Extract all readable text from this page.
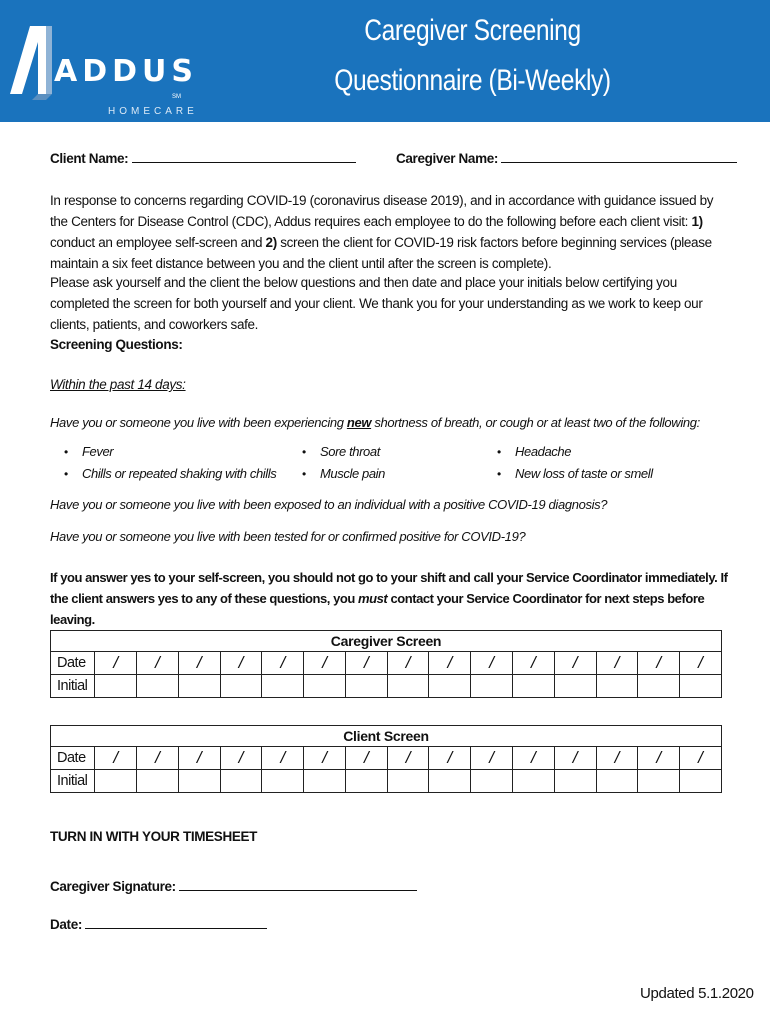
ADDUS
SM
HOMECARE
Caregiver Screening
Questionnaire (Bi-Weekly)
Client Name:	Caregiver Name:
In response to concerns regarding COVID-19 (coronavirus disease 2019), and in accordance with guidance issued by the Centers for Disease Control (CDC), Addus requires each employee to do the following before each client visit: 1) conduct an employee self-screen and 2) screen the client for COVID-19 risk factors before beginning services (please maintain a six feet distance between you and the client until after the screen is complete).
Please ask yourself and the client the below questions and then date and place your initials below certifying you completed the screen for both yourself and your client. We thank you for your understanding as we work to keep our clients, patients, and coworkers safe.
Screening Questions:
Within the past 14 days:
Have you or someone you live with been experiencing new shortness of breath, or cough or at least two of the following:
• Fever
• Chills or repeated shaking with chills
• Sore throat
• Muscle pain
• Headache
• New loss of taste or smell
Have you or someone you live with been exposed to an individual with a positive COVID-19 diagnosis?
Have you or someone you live with been tested for or confirmed positive for COVID-19?
If you answer yes to your self-screen, you should not go to your shift and call your Service Coordinator immediately. If the client answers yes to any of these questions, you must contact your Service Coordinator for next steps before leaving.
Caregiver Screen															
Date	/	/	/	/	/	/	/	/	/	/	/	/	/	/	/
Initial															
Client Screen															
Date	/	/	/	/	/	/	/	/	/	/	/	/	/	/	/
Initial															
TURN IN WITH YOUR TIMESHEET
Caregiver Signature:
Date:
Updated 5.1.2020
